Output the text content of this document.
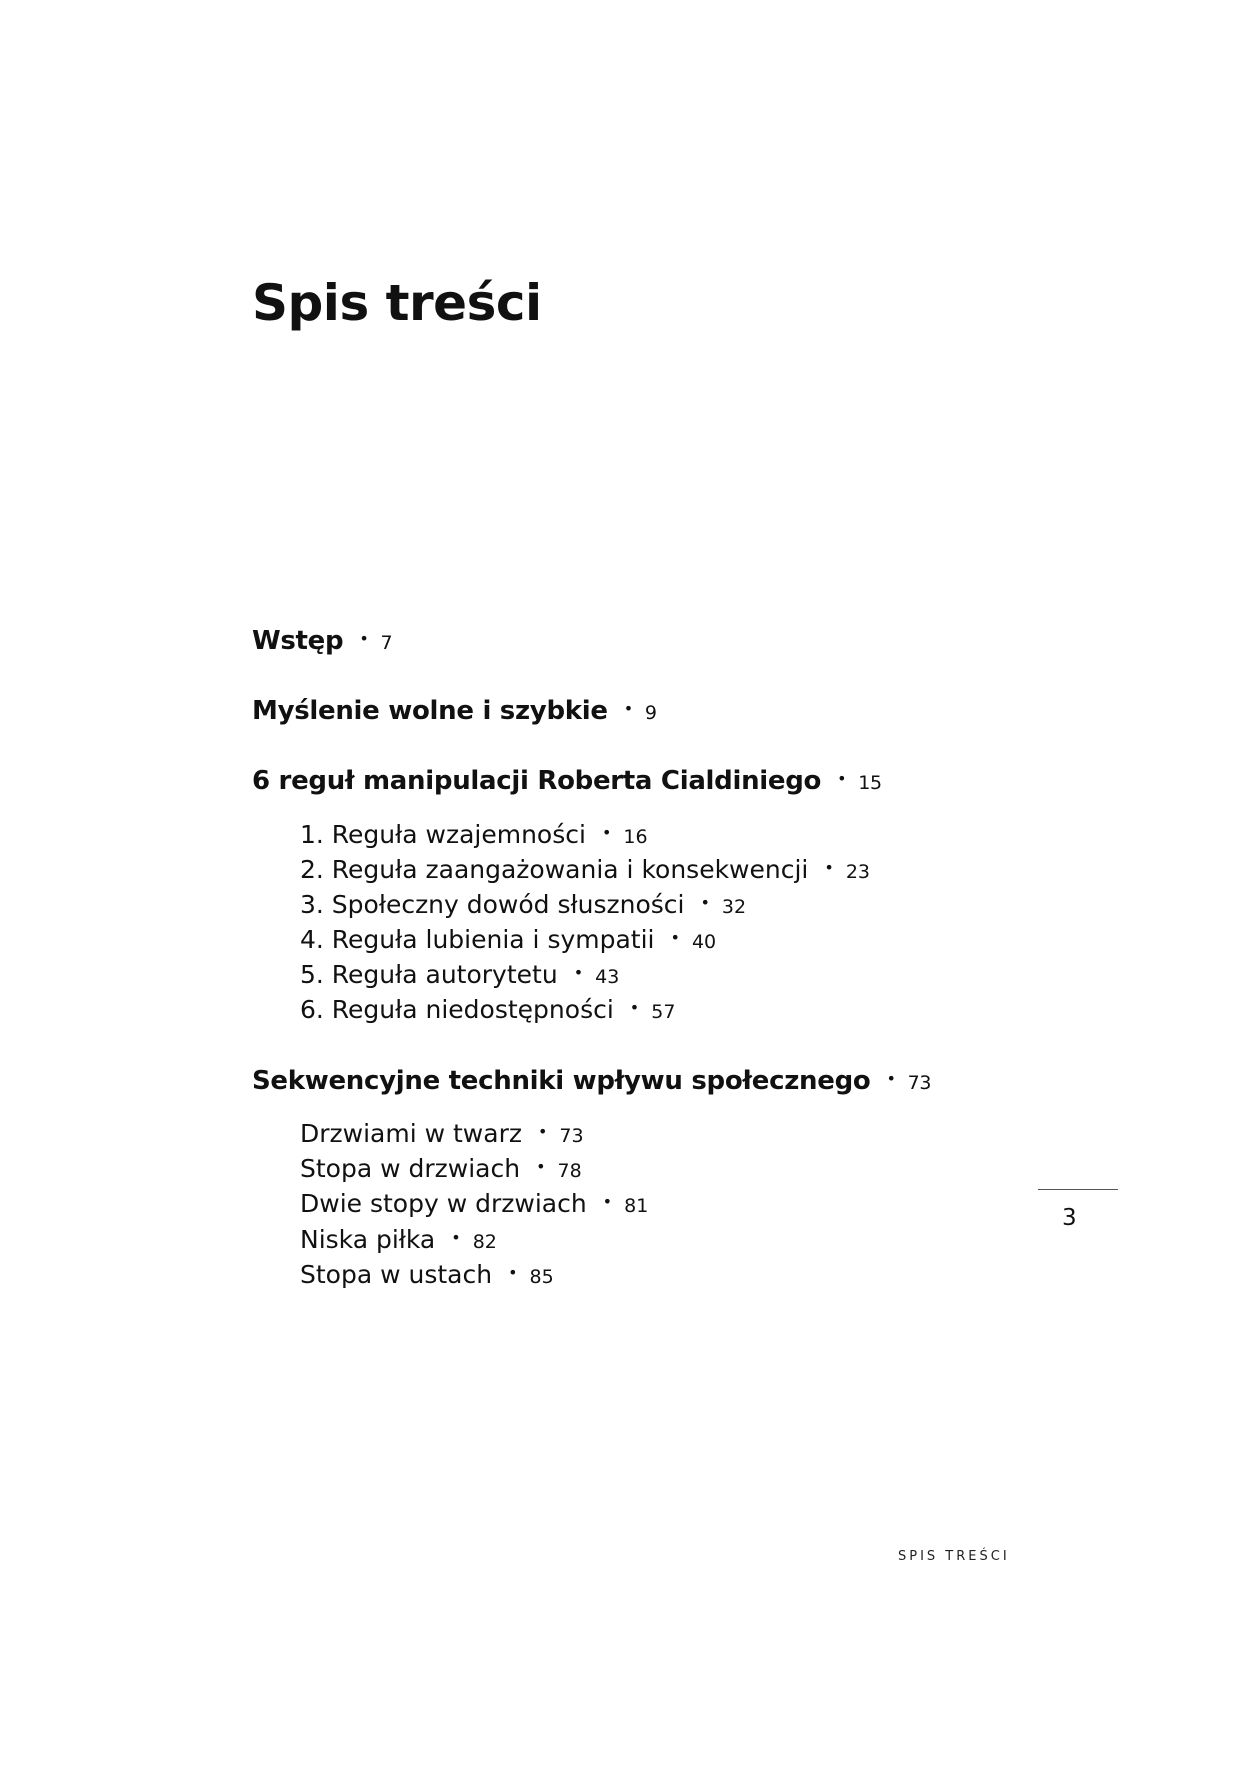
Spis treści
Wstęp • 7
Myślenie wolne i szybkie • 9
6 reguł manipulacji Roberta Cialdiniego • 15
1. Reguła wzajemności • 16
2. Reguła zaangażowania i konsekwencji • 23
3. Społeczny dowód słuszności • 32
4. Reguła lubienia i sympatii • 40
5. Reguła autorytetu • 43
6. Reguła niedostępności • 57
Sekwencyjne techniki wpływu społecznego • 73
Drzwiami w twarz • 73
Stopa w drzwiach • 78
Dwie stopy w drzwiach • 81
Niska piłka • 82
Stopa w ustach • 85
3
SPIS TREŚCI
